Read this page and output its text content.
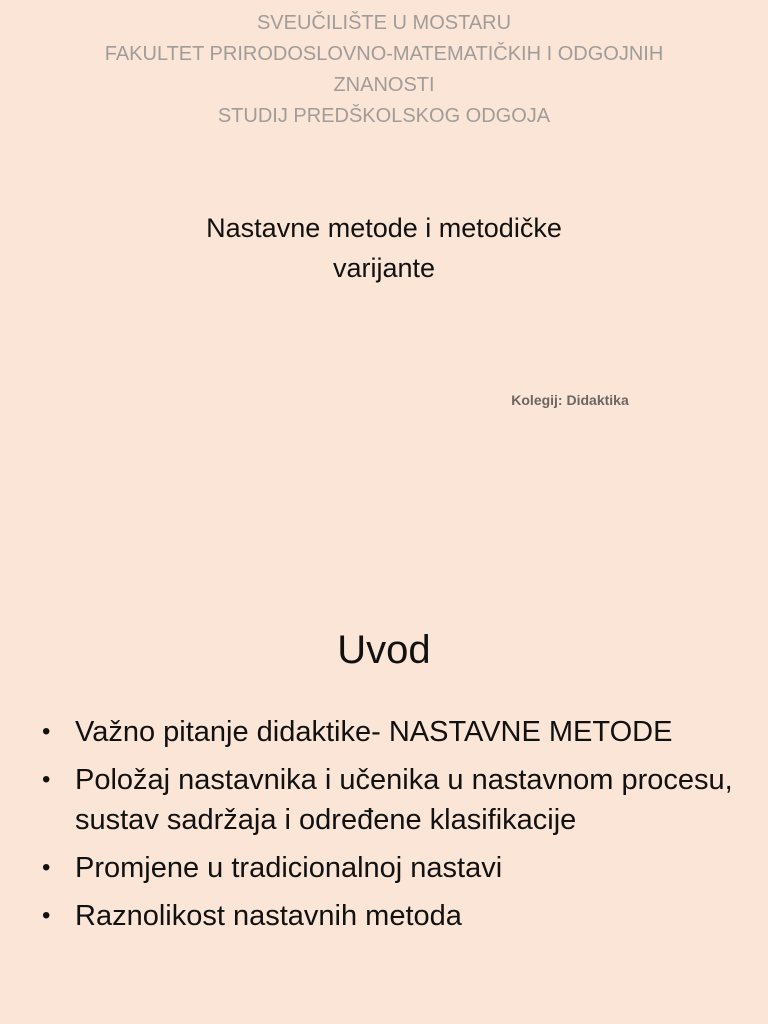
SVEUČILIŠTE U MOSTARU
FAKULTET PRIRODOSLOVNO-MATEMATIČKIH I ODGOJNIH
ZNANOSTI
STUDIJ PREDŠKOLSKOG ODGOJA
Nastavne metode i metodičke
varijante
Kolegij: Didaktika
Uvod
• Važno pitanje didaktike- NASTAVNE METODE
• Položaj nastavnika i učenika u nastavnom procesu, sustav sadržaja i određene klasifikacije
• Promjene u tradicionalnoj nastavi
• Raznolikost nastavnih metoda
